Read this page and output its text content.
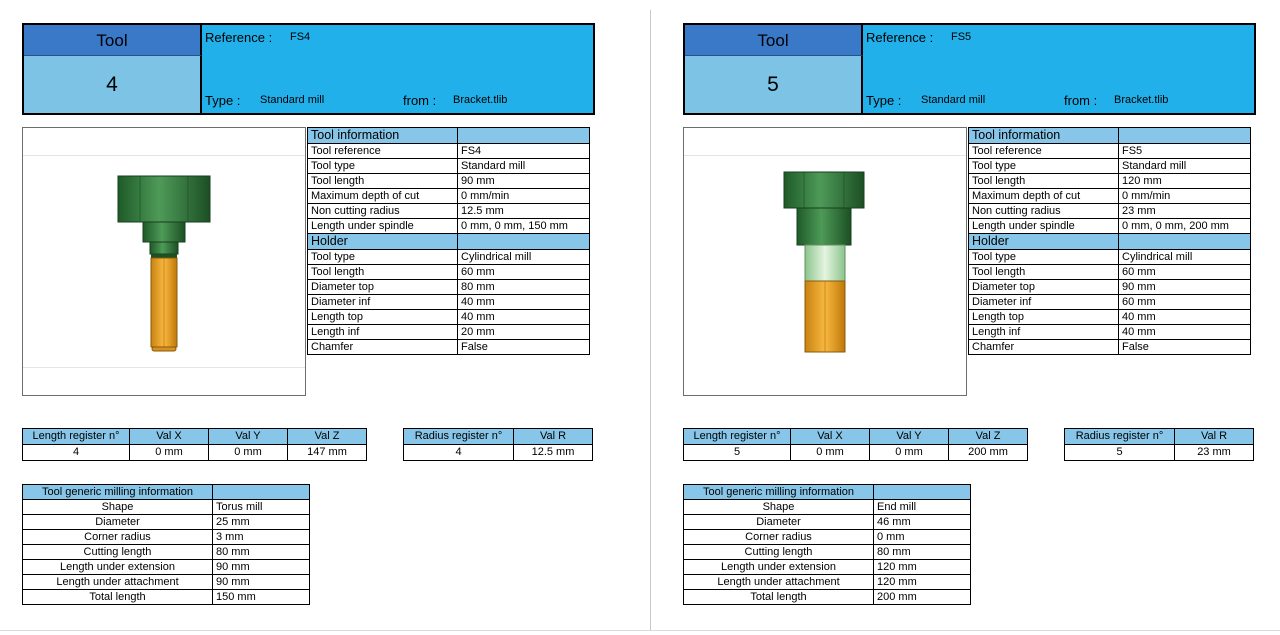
Tool
4
Reference : FS4
Type : Standard mill	from : Bracket.tlib
Tool information	
Tool reference	FS4
Tool type	Standard mill
Tool length	90 mm
Maximum depth of cut	0 mm/min
Non cutting radius	12.5 mm
Length under spindle	0 mm, 0 mm, 150 mm
Holder	
Tool type	Cylindrical mill
Tool length	60 mm
Diameter top	80 mm
Diameter inf	40 mm
Length top	40 mm
Length inf	20 mm
Chamfer	False
Length register n°	Val X	Val Y	Val Z
4	0 mm	0 mm	147 mm
Radius register n°	Val R
4	12.5 mm
Tool generic milling information	
Shape	Torus mill
Diameter	25 mm
Corner radius	3 mm
Cutting length	80 mm
Length under extension	90 mm
Length under attachment	90 mm
Total length	150 mm
Tool
5
Reference : FS5
Type : Standard mill	from : Bracket.tlib
Tool information	
Tool reference	FS5
Tool type	Standard mill
Tool length	120 mm
Maximum depth of cut	0 mm/min
Non cutting radius	23 mm
Length under spindle	0 mm, 0 mm, 200 mm
Holder	
Tool type	Cylindrical mill
Tool length	60 mm
Diameter top	90 mm
Diameter inf	60 mm
Length top	40 mm
Length inf	40 mm
Chamfer	False
Length register n°	Val X	Val Y	Val Z
5	0 mm	0 mm	200 mm
Radius register n°	Val R
5	23 mm
Tool generic milling information	
Shape	End mill
Diameter	46 mm
Corner radius	0 mm
Cutting length	80 mm
Length under extension	120 mm
Length under attachment	120 mm
Total length	200 mm
